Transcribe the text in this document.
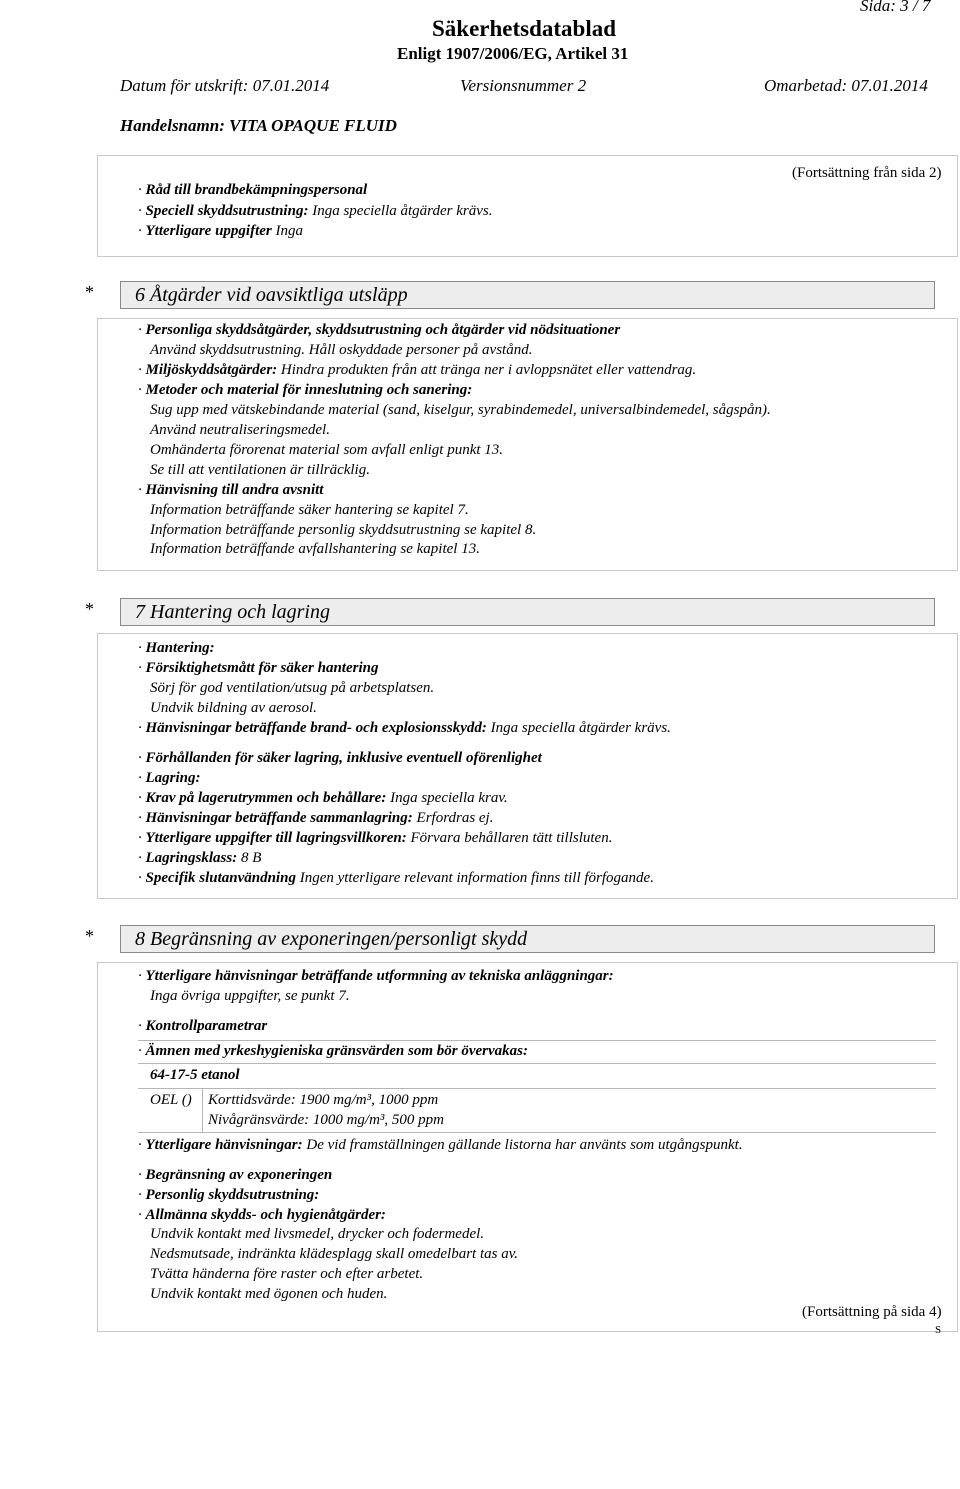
Sida: 3 / 7
Säkerhetsdatablad
Enligt 1907/2006/EG, Artikel 31
Datum för utskrift: 07.01.2014	Versionsnummer 2	Omarbetad: 07.01.2014
Handelsnamn: VITA OPAQUE FLUID
(Fortsättning från sida 2)
· Råd till brandbekämpningspersonal
· Speciell skyddsutrustning: Inga speciella åtgärder krävs.
· Ytterligare uppgifter Inga
*	6 Åtgärder vid oavsiktliga utsläpp
· Personliga skyddsåtgärder, skyddsutrustning och åtgärder vid nödsituationer
Använd skyddsutrustning. Håll oskyddade personer på avstånd.
· Miljöskyddsåtgärder: Hindra produkten från att tränga ner i avloppsnätet eller vattendrag.
· Metoder och material för inneslutning och sanering:
Sug upp med vätskebindande material (sand, kiselgur, syrabindemedel, universalbindemedel, sågspån).
Använd neutraliseringsmedel.
Omhänderta förorenat material som avfall enligt punkt 13.
Se till att ventilationen är tillräcklig.
· Hänvisning till andra avsnitt
Information beträffande säker hantering se kapitel 7.
Information beträffande personlig skyddsutrustning se kapitel 8.
Information beträffande avfallshantering se kapitel 13.
*	7 Hantering och lagring
· Hantering:
· Försiktighetsmått för säker hantering
Sörj för god ventilation/utsug på arbetsplatsen.
Undvik bildning av aerosol.
· Hänvisningar beträffande brand- och explosionsskydd: Inga speciella åtgärder krävs.
· Förhållanden för säker lagring, inklusive eventuell oförenlighet
· Lagring:
· Krav på lagerutrymmen och behållare: Inga speciella krav.
· Hänvisningar beträffande sammanlagring: Erfordras ej.
· Ytterligare uppgifter till lagringsvillkoren: Förvara behållaren tätt tillsluten.
· Lagringsklass: 8 B
· Specifik slutanvändning Ingen ytterligare relevant information finns till förfogande.
*	8 Begränsning av exponeringen/personligt skydd
· Ytterligare hänvisningar beträffande utformning av tekniska anläggningar:
Inga övriga uppgifter, se punkt 7.
· Kontrollparametrar
· Ämnen med yrkeshygieniska gränsvärden som bör övervakas:
64-17-5 etanol
OEL () Korttidsvärde: 1900 mg/m³, 1000 ppm
Nivågränsvärde: 1000 mg/m³, 500 ppm
· Ytterligare hänvisningar: De vid framställningen gällande listorna har använts som utgångspunkt.
· Begränsning av exponeringen
· Personlig skyddsutrustning:
· Allmänna skydds- och hygienåtgärder:
Undvik kontakt med livsmedel, drycker och fodermedel.
Nedsmutsade, indränkta klädesplagg skall omedelbart tas av.
Tvätta händerna före raster och efter arbetet.
Undvik kontakt med ögonen och huden.
(Fortsättning på sida 4)
S
